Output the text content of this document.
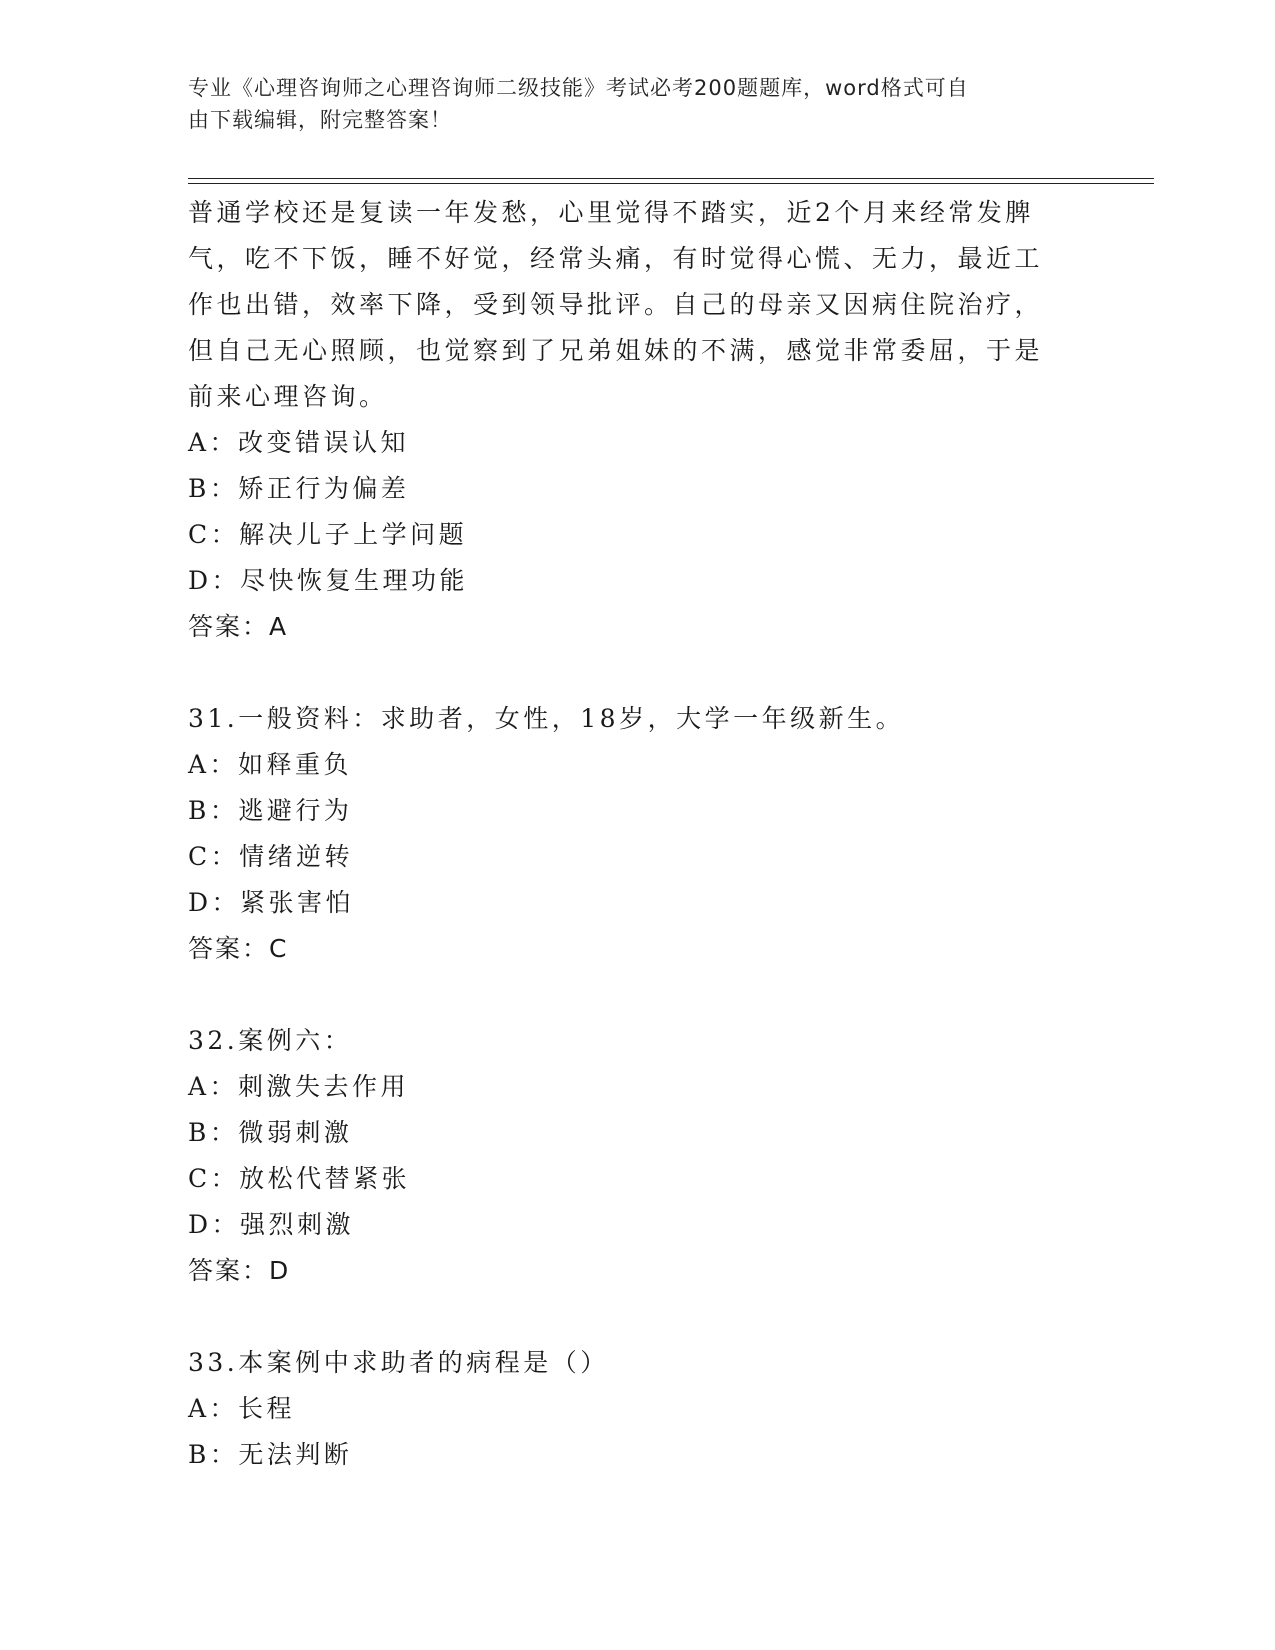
专业《心理咨询师之心理咨询师二级技能》考试必考200题题库，word格式可自
由下载编辑，附完整答案！

普通学校还是复读一年发愁，心里觉得不踏实，近2个月来经常发脾

气，吃不下饭，睡不好觉，经常头痛，有时觉得心慌、无力，最近工

作也出错，效率下降，受到领导批评。自己的母亲又因病住院治疗，

但自己无心照顾，也觉察到了兄弟姐妹的不满，感觉非常委屈，于是

前来心理咨询。

A：改变错误认知

B：矫正行为偏差

C：解决儿子上学问题

D：尽快恢复生理功能

答案：A

31.一般资料：求助者，女性，18岁，大学一年级新生。

A：如释重负

B：逃避行为

C：情绪逆转

D：紧张害怕

答案：C

32.案例六：

A：刺激失去作用

B：微弱刺激

C：放松代替紧张

D：强烈刺激

答案：D

33.本案例中求助者的病程是（）

A：长程

B：无法判断
